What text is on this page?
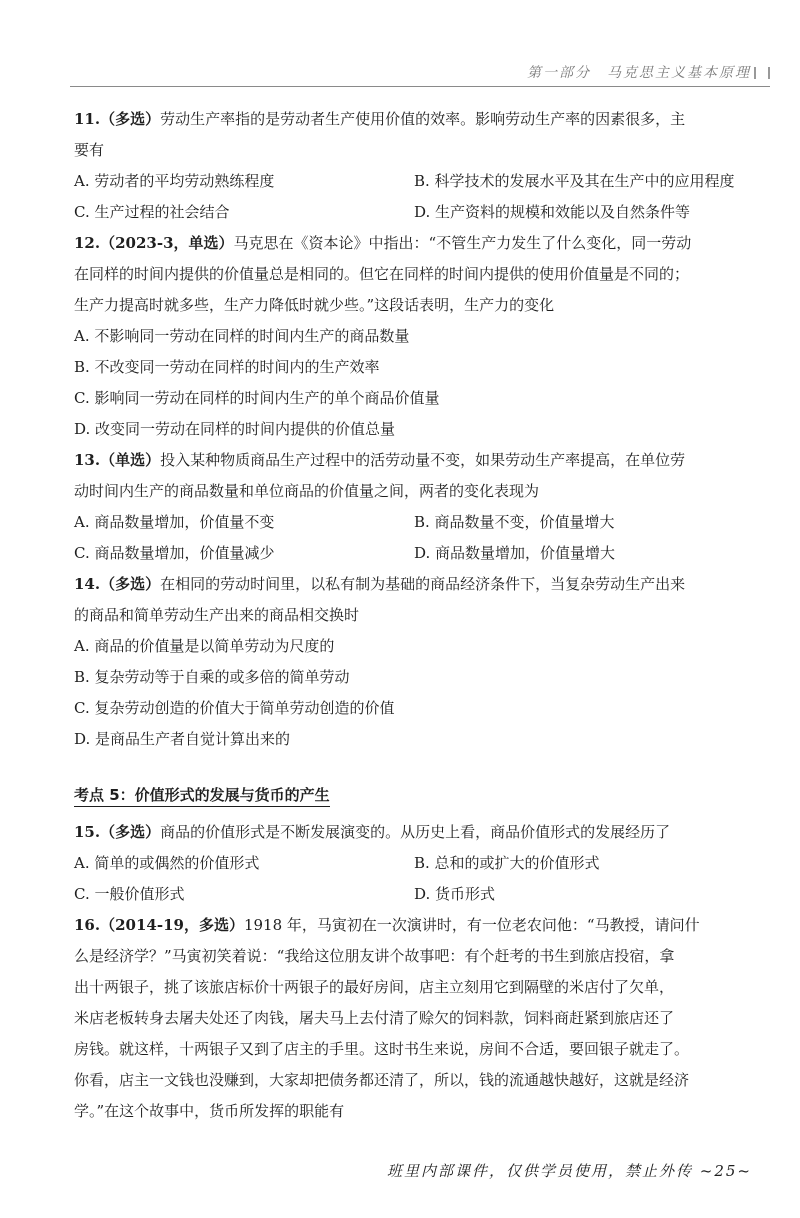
第一部分　马克思主义基本原理
11.（多选）劳动生产率指的是劳动者生产使用价值的效率。影响劳动生产率的因素很多，主
要有
A. 劳动者的平均劳动熟练程度	B. 科学技术的发展水平及其在生产中的应用程度
C. 生产过程的社会结合	D. 生产资料的规模和效能以及自然条件等
12.（2023-3，单选）马克思在《资本论》中指出：“不管生产力发生了什么变化，同一劳动
在同样的时间内提供的价值量总是相同的。但它在同样的时间内提供的使用价值量是不同的；
生产力提高时就多些，生产力降低时就少些。”这段话表明，生产力的变化
A. 不影响同一劳动在同样的时间内生产的商品数量
B. 不改变同一劳动在同样的时间内的生产效率
C. 影响同一劳动在同样的时间内生产的单个商品价值量
D. 改变同一劳动在同样的时间内提供的价值总量
13.（单选）投入某种物质商品生产过程中的活劳动量不变，如果劳动生产率提高，在单位劳
动时间内生产的商品数量和单位商品的价值量之间，两者的变化表现为
A. 商品数量增加，价值量不变	B. 商品数量不变，价值量增大
C. 商品数量增加，价值量减少	D. 商品数量增加，价值量增大
14.（多选）在相同的劳动时间里，以私有制为基础的商品经济条件下，当复杂劳动生产出来
的商品和简单劳动生产出来的商品相交换时
A. 商品的价值量是以简单劳动为尺度的
B. 复杂劳动等于自乘的或多倍的简单劳动
C. 复杂劳动创造的价值大于简单劳动创造的价值
D. 是商品生产者自觉计算出来的
考点 5：价值形式的发展与货币的产生
15.（多选）商品的价值形式是不断发展演变的。从历史上看，商品价值形式的发展经历了
A. 简单的或偶然的价值形式	B. 总和的或扩大的价值形式
C. 一般价值形式	D. 货币形式
16.（2014-19，多选）1918 年，马寅初在一次演讲时，有一位老农问他：“马教授，请问什
么是经济学？”马寅初笑着说：“我给这位朋友讲个故事吧：有个赶考的书生到旅店投宿，拿
出十两银子，挑了该旅店标价十两银子的最好房间，店主立刻用它到隔壁的米店付了欠单，
米店老板转身去屠夫处还了肉钱，屠夫马上去付清了赊欠的饲料款，饲料商赶紧到旅店还了
房钱。就这样，十两银子又到了店主的手里。这时书生来说，房间不合适，要回银子就走了。
你看，店主一文钱也没赚到，大家却把债务都还清了，所以，钱的流通越快越好，这就是经济
学。”在这个故事中，货币所发挥的职能有
班里内部课件，仅供学员使用，禁止外传 ~25~
